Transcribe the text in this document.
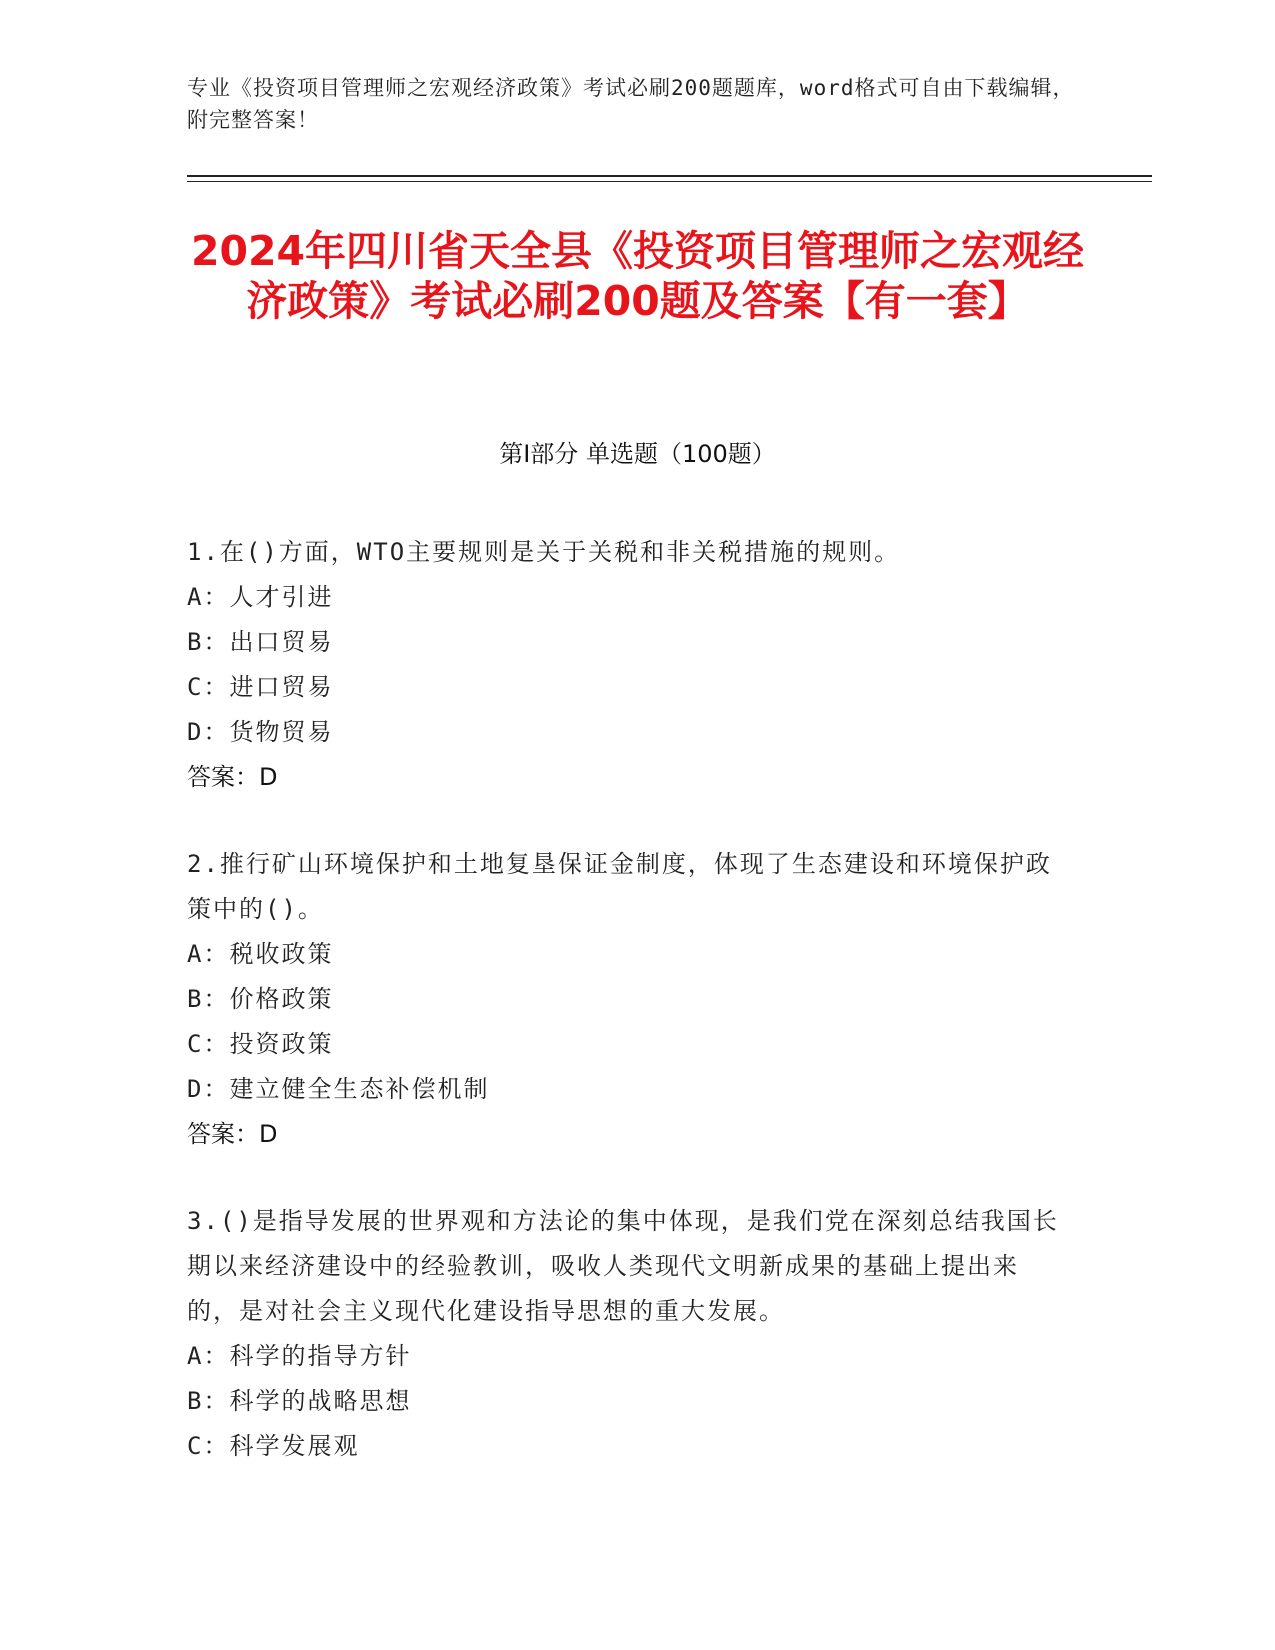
专业《投资项目管理师之宏观经济政策》考试必刷200题题库，word格式可自由下载编辑，附完整答案！
2024年四川省天全县《投资项目管理师之宏观经济政策》考试必刷200题及答案【有一套】
第I部分 单选题（100题）
1.在()方面，WTO主要规则是关于关税和非关税措施的规则。
A：人才引进
B：出口贸易
C：进口贸易
D：货物贸易
答案：D
2.推行矿山环境保护和土地复垦保证金制度，体现了生态建设和环境保护政策中的()。
A：税收政策
B：价格政策
C：投资政策
D：建立健全生态补偿机制
答案：D
3.()是指导发展的世界观和方法论的集中体现，是我们党在深刻总结我国长期以来经济建设中的经验教训，吸收人类现代文明新成果的基础上提出来的，是对社会主义现代化建设指导思想的重大发展。
A：科学的指导方针
B：科学的战略思想
C：科学发展观
